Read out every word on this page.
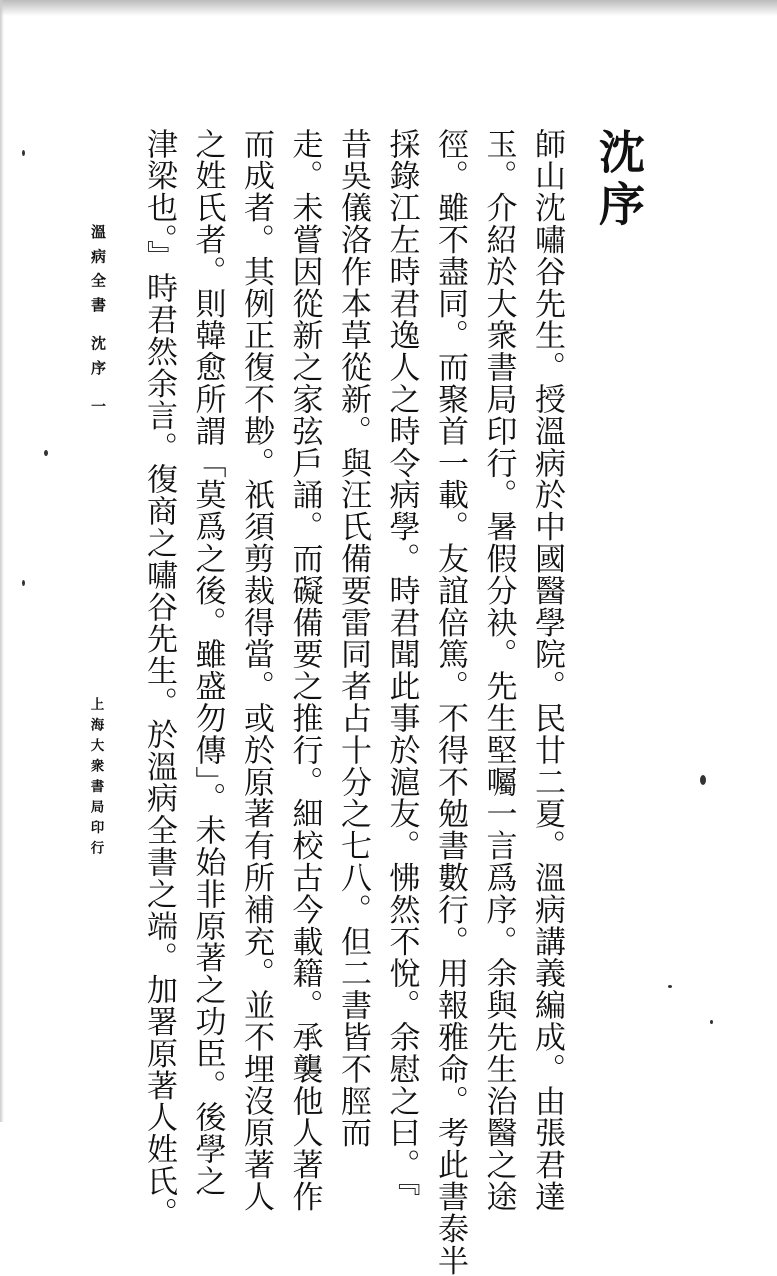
沈序
師山沈嘯谷先生。授溫病於中國醫學院。民廿二夏。溫病講義編成。由張君達
玉。介紹於大衆書局印行。暑假分袂。先生堅囑一言爲序。余與先生治醫之途
徑。雖不盡同。而聚首一載。友誼倍篤。不得不勉書數行。用報雅命。考此書泰半
採錄江左時君逸人之時令病學。時君聞此事於滬友。怫然不悅。余慰之曰。『
昔吳儀洛作本草從新。與汪氏備要雷同者占十分之七八。但二書皆不脛而
走。未嘗因從新之家弦戶誦。而礙備要之推行。細校古今載籍。承襲他人著作
而成者。其例正復不尠。祇須剪裁得當。或於原著有所補充。並不埋沒原著人
之姓氏者。則韓愈所謂「莫爲之後。雖盛勿傳」。未始非原著之功臣。後學之
津梁也。』時君然余言。復商之嘯谷先生。於溫病全書之端。加署原著人姓氏。
溫 病 全 書   沈 序   一
上海大衆書局印行
